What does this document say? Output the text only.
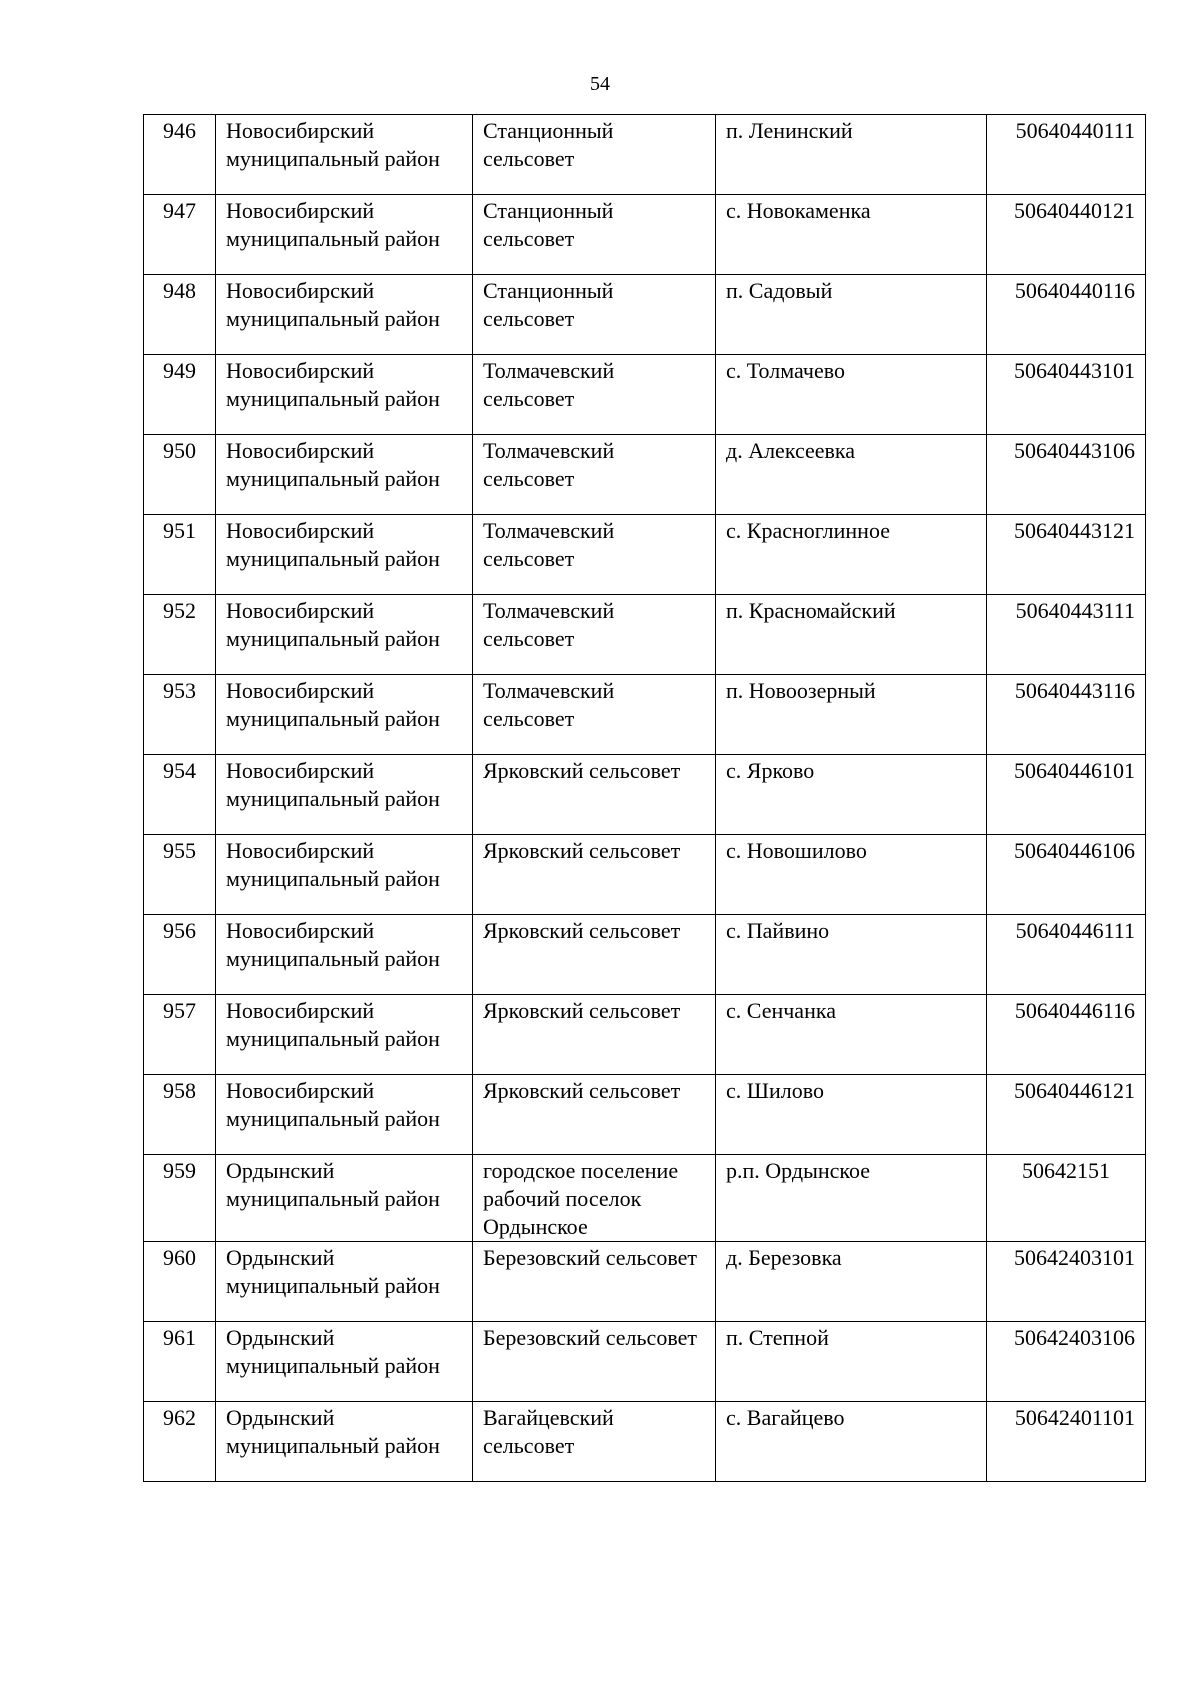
54
946	Новосибирский муниципальный район	Станционный сельсовет	п. Ленинский	50640440111
947	Новосибирский муниципальный район	Станционный сельсовет	с. Новокаменка	50640440121
948	Новосибирский муниципальный район	Станционный сельсовет	п. Садовый	50640440116
949	Новосибирский муниципальный район	Толмачевский сельсовет	с. Толмачево	50640443101
950	Новосибирский муниципальный район	Толмачевский сельсовет	д. Алексеевка	50640443106
951	Новосибирский муниципальный район	Толмачевский сельсовет	с. Красноглинное	50640443121
952	Новосибирский муниципальный район	Толмачевский сельсовет	п. Красномайский	50640443111
953	Новосибирский муниципальный район	Толмачевский сельсовет	п. Новоозерный	50640443116
954	Новосибирский муниципальный район	Ярковский сельсовет	с. Ярково	50640446101
955	Новосибирский муниципальный район	Ярковский сельсовет	с. Новошилово	50640446106
956	Новосибирский муниципальный район	Ярковский сельсовет	с. Пайвино	50640446111
957	Новосибирский муниципальный район	Ярковский сельсовет	с. Сенчанка	50640446116
958	Новосибирский муниципальный район	Ярковский сельсовет	с. Шилово	50640446121
959	Ордынский муниципальный район	городское поселение рабочий поселок Ордынское	р.п. Ордынское	50642151
960	Ордынский муниципальный район	Березовский сельсовет	д. Березовка	50642403101
961	Ордынский муниципальный район	Березовский сельсовет	п. Степной	50642403106
962	Ордынский муниципальный район	Вагайцевский сельсовет	с. Вагайцево	50642401101
